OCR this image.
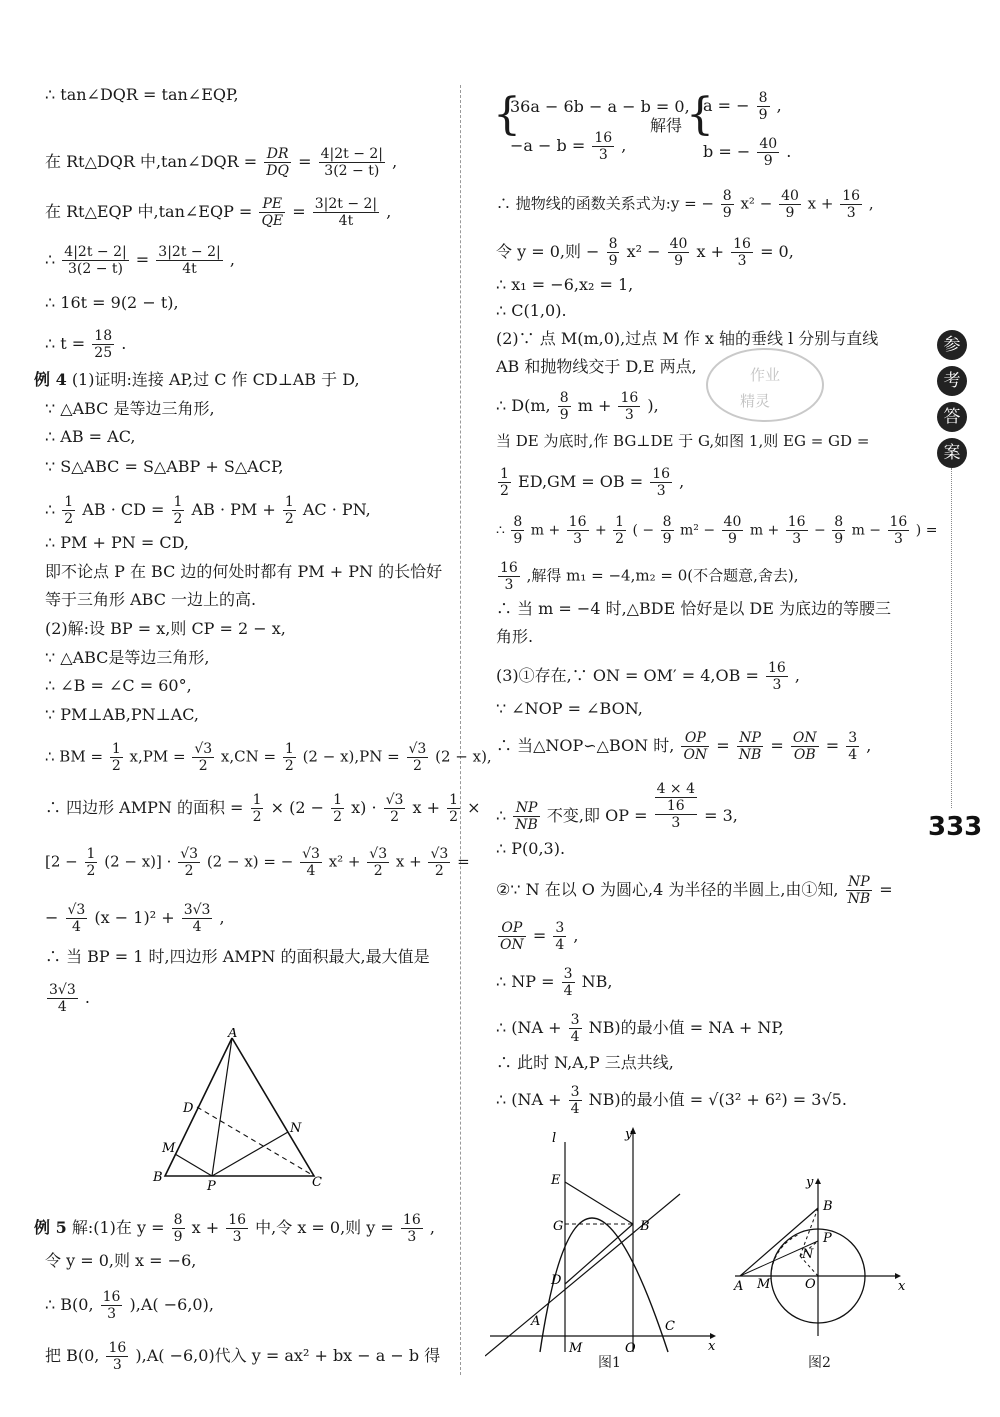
∴ tan∠DQR = tan∠EQP,
在 Rt△DQR 中,tan∠DQR = $\frac{DR}{DQ} = \frac{4|2t - 2|}{3(2 - t)}$ ,
在 Rt△EQP 中,tan∠EQP = $\frac{PE}{QE} = \frac{3|2t - 2|}{4t}$ ,
∴ $\frac{4|2t - 2|}{3(2 - t)} = \frac{3|2t - 2|}{4t}$ ,
∴ 16t = 9(2 − t),
∴ $t = \frac{18}{25}$ .
例 4 (1)证明:连接 AP,过 C 作 CD⊥AB 于 D,
∵ △ABC 是等边三角形,
∴ AB = AC,
∵ S△ABC = S△ABP + S△ACP,
∴ $\frac{1}{2}$ AB · CD = $\frac{1}{2}$ AB · PM + $\frac{1}{2}$ AC · PN,
∴ PM + PN = CD,
即不论点 P 在 BC 边的何处时都有 PM + PN 的长恰好
等于三角形 ABC 一边上的高.
(2)解:设 BP = x,则 CP = 2 − x,
∵ △ABC是等边三角形,
∴ ∠B = ∠C = 60°,
∵ PM⊥AB,PN⊥AC,
∴ BM = $\frac{1}{2} x,PM = \frac{√3}{2} x,CN = \frac{1}{2} (2 - x),PN = \frac{√3}{2} (2 - x)$,
∴ 四边形 AMPN 的面积 = $\frac{1}{2} \times (2 - \frac{1}{2} x) \cdot \frac{√3}{2}$ $x + \frac{1}{2}$ ×
$[2 - \frac{1}{2} (2 - x)] \cdot \frac{√3}{2} (2 - x)$ = − $\frac{√3}{4} x^2 + \frac{√3}{2}$ $x + \frac{√3}{2}$ =
− $\frac{√3}{4} (x - 1)^2 + \frac{3√3}{4}$ ,
∴ 当 BP = 1 时,四边形 AMPN 的面积最大,最大值是
$\frac{3√3}{4}$ .
A
B	C
D
M
N
P
例 5 解:(1)在 $y = \frac{8}{9}$ $x + \frac{16}{3}$ 中,令 x = 0,则 $y = \frac{16}{3}$ ,
令 y = 0,则 x = −6,
∴ B(0, $\frac{16}{3} ),A( -6,0)$,
把 B(0, $\frac{16}{3} ),A( -6,0)$代入 y = ax² + bx − a − b 得
{
36a − 6b − a − b = 0,
$-a - b = \frac{16}{3}$ ,
解得 {
a = − $\frac{8}{9}$ ,
b = − $\frac{40}{9}$ .
∴ 抛物线的函数关系式为:y = − $\frac{8}{9} x^2 - \frac{40}{9}$ $x + \frac{16}{3}$ ,
令 y = 0,则 − $\frac{8}{9} x^2 - \frac{40}{9}$ $x + \frac{16}{3} = 0$,
∴ x₁ = −6,x₂ = 1,
∴ C(1,0).
(2)∵ 点 M(m,0),过点 M 作 x 轴的垂线 l 分别与直线
AB 和抛物线交于 D,E 两点,
∴ D(m, $\frac{8}{9}$ $m + \frac{16}{3}$ ),
当 DE 为底时,作 BG⊥DE 于 G,如图 1,则 EG = GD =
$\frac{1}{2} ED,GM$ = OB = $\frac{16}{3}$ ,
∴ $\frac{8}{9}$ $m + \frac{16}{3} + \frac{1}{2}$ ( − $\frac{8}{9} m^2 - \frac{40}{9}$ $m + \frac{16}{3} - \frac{8}{9}$ $m - \frac{16}{3}$ ) =
$\frac{16}{3}$ ,解得 m₁ = −4,m₂ = 0(不合题意,舍去),
∴ 当 m = −4 时,△BDE 恰好是以 DE 为底边的等腰三
角形.
(3)①存在,∵ ON = $OM' = 4,OB = \frac{16}{3}$ ,
∵ ∠NOP = ∠BON,
∴ 当△NOP∽△BON 时, $\frac{OP}{ON} = \frac{NP}{NB} = \frac{ON}{OB} = \frac{3}{4}$ ,
∴ $\frac{NP}{NB}$ 不变,即 OP =
4 × 4
16
3	= 3,
∴ P(0,3).
②∵ N 在以 O 为圆心,4 为半径的半圆上,由①知, $\frac{NP}{NB}$ =
$\frac{OP}{ON} = \frac{3}{4}$ ,
∴ NP = $\frac{3}{4}$ NB,
∴ $(NA + \frac{3}{4} NB)$的最小值 = NA + NP,
∴ 此时 N,A,P 三点共线,
∴ $(NA + \frac{3}{4} NB)$的最小值 = √(3² + 6²) = 3√5.
l	y
x
E
G	B
D
A
M	O
C
图1
y
x
B
P
N
A M	O
图2
作业
精灵
参
考
答
案
333
